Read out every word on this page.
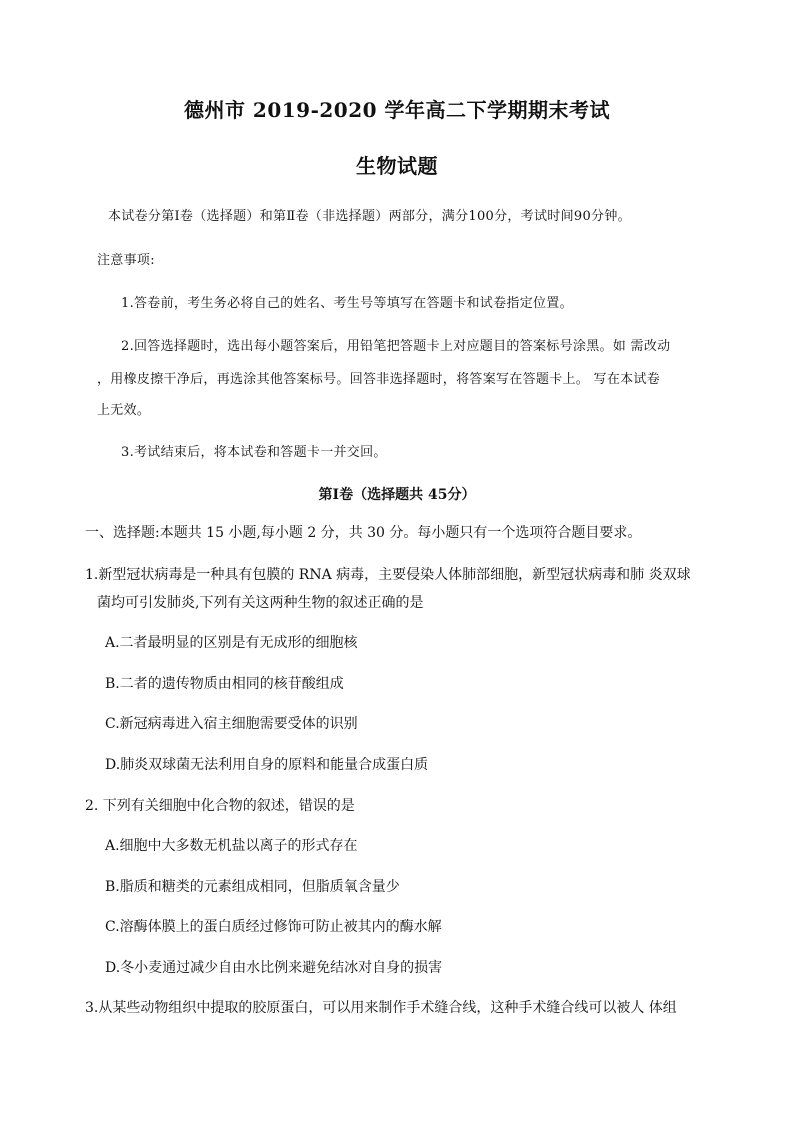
德州市 2019-2020 学年高二下学期期末考试
生物试题
本试卷分第Ⅰ卷（选择题）和第Ⅱ卷（非选择题）两部分，满分100分，考试时间90分钟。
注意事项:
1.答卷前，考生务必将自己的姓名、考生号等填写在答题卡和试卷指定位置。
2.回答选择题时，选出每小题答案后，用铅笔把答题卡上对应题目的答案标号涂黑。如 需改动
，用橡皮擦干净后，再选涂其他答案标号。回答非选择题时，将答案写在答题卡上。 写在本试卷
上无效。
3.考试结束后，将本试卷和答题卡一并交回。
第Ⅰ卷（选择题共 45分）
一、选择题:本题共 15 小题,每小题 2 分，共 30 分。每小题只有一个选项符合题目要求。
1.新型冠状病毒是一种具有包膜的 RNA 病毒，主要侵染人体肺部细胞，新型冠状病毒和肺 炎双球
菌均可引发肺炎,下列有关这两种生物的叙述正确的是
A.二者最明显的区别是有无成形的细胞核
B.二者的遗传物质由相同的核苷酸组成
C.新冠病毒进入宿主细胞需要受体的识别
D.肺炎双球菌无法利用自身的原料和能量合成蛋白质
2. 下列有关细胞中化合物的叙述，错误的是
A.细胞中大多数无机盐以离子的形式存在
B.脂质和糖类的元素组成相同，但脂质氧含量少
C.溶酶体膜上的蛋白质经过修饰可防止被其内的酶水解
D.冬小麦通过减少自由水比例来避免结冰对自身的损害
3.从某些动物组织中提取的胶原蛋白，可以用来制作手术缝合线，这种手术缝合线可以被人 体组
